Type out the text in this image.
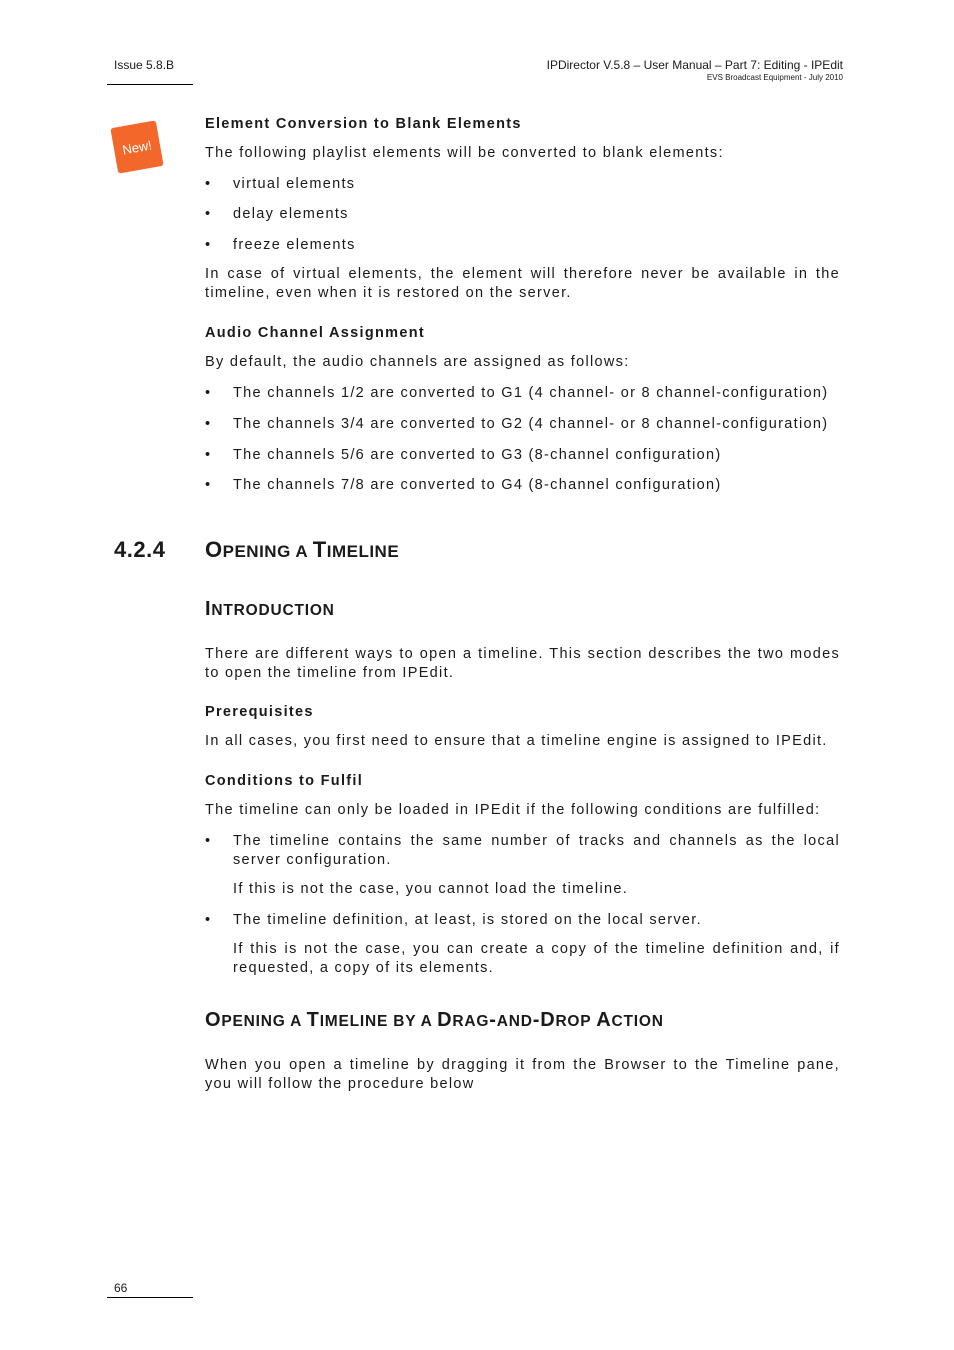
Issue 5.8.B	IPDirector V.5.8 – User Manual – Part 7: Editing - IPEdit
EVS Broadcast Equipment - July 2010
New!

Element Conversion to Blank Elements

The following playlist elements will be converted to blank elements:

• virtual elements

• delay elements

• freeze elements

In case of virtual elements, the element will therefore never be available in the timeline, even when it is restored on the server.

Audio Channel Assignment

By default, the audio channels are assigned as follows:

• The channels 1/2 are converted to G1 (4 channel- or 8 channel-configuration)

• The channels 3/4 are converted to G2 (4 channel- or 8 channel-configuration)

• The channels 5/6 are converted to G3 (8-channel configuration)

• The channels 7/8 are converted to G4 (8-channel configuration)

4.2.4 OPENING A TIMELINE
INTRODUCTION

There are different ways to open a timeline. This section describes the two modes to open the timeline from IPEdit.

Prerequisites

In all cases, you first need to ensure that a timeline engine is assigned to IPEdit.

Conditions to Fulfil

The timeline can only be loaded in IPEdit if the following conditions are fulfilled:

• The timeline contains the same number of tracks and channels as the local server configuration.

If this is not the case, you cannot load the timeline.

• The timeline definition, at least, is stored on the local server.

If this is not the case, you can create a copy of the timeline definition and, if requested, a copy of its elements.

OPENING A TIMELINE BY A DRAG-AND-DROP ACTION

When you open a timeline by dragging it from the Browser to the Timeline pane, you will follow the procedure below

66
